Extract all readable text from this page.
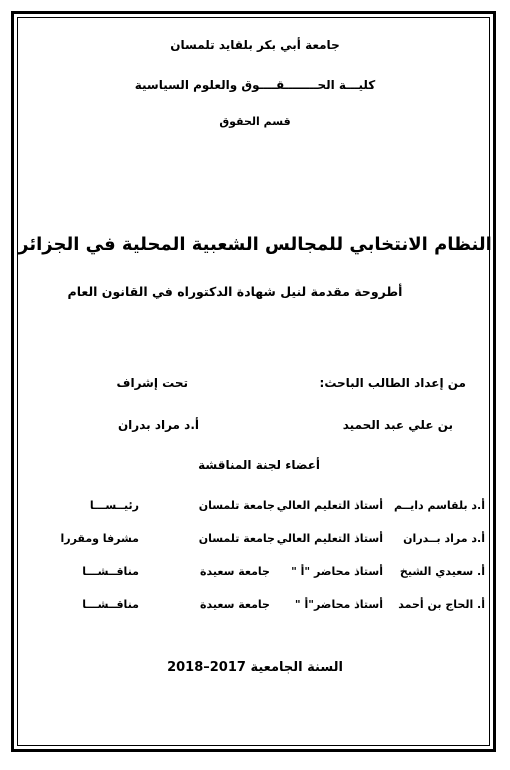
جامعة أبي بكر بلقايد تلمسان
كليـــة الحــــــــقــــوق والعلوم السياسية
قسم الحقوق
النظام الانتخابي للمجالس الشعبية المحلية في الجزائر
أطروحة مقدمة لنيل شهادة الدكتوراه في القانون العام
من إعداد الطالب الباحث:
تحت إشراف
بن علي عبد الحميد
أ.د مراد بدران
أعضاء لجنة المناقشة
أ.د بلقاسم دايــم
أستاذ التعليم العالي
جامعة تلمسان
رئيــســـا
أ.د مراد بــدران
أستاذ التعليم العالي
جامعة تلمسان
مشرفا ومقررا
أ. سعيدي الشيخ
أستاذ محاضر "أ "
جامعة سعيدة
مناقــشـــا
أ. الحاج بن أحمد
أستاذ محاضر"أ "
جامعة سعيدة
مناقــشـــا
السنة الجامعية 2017–2018
